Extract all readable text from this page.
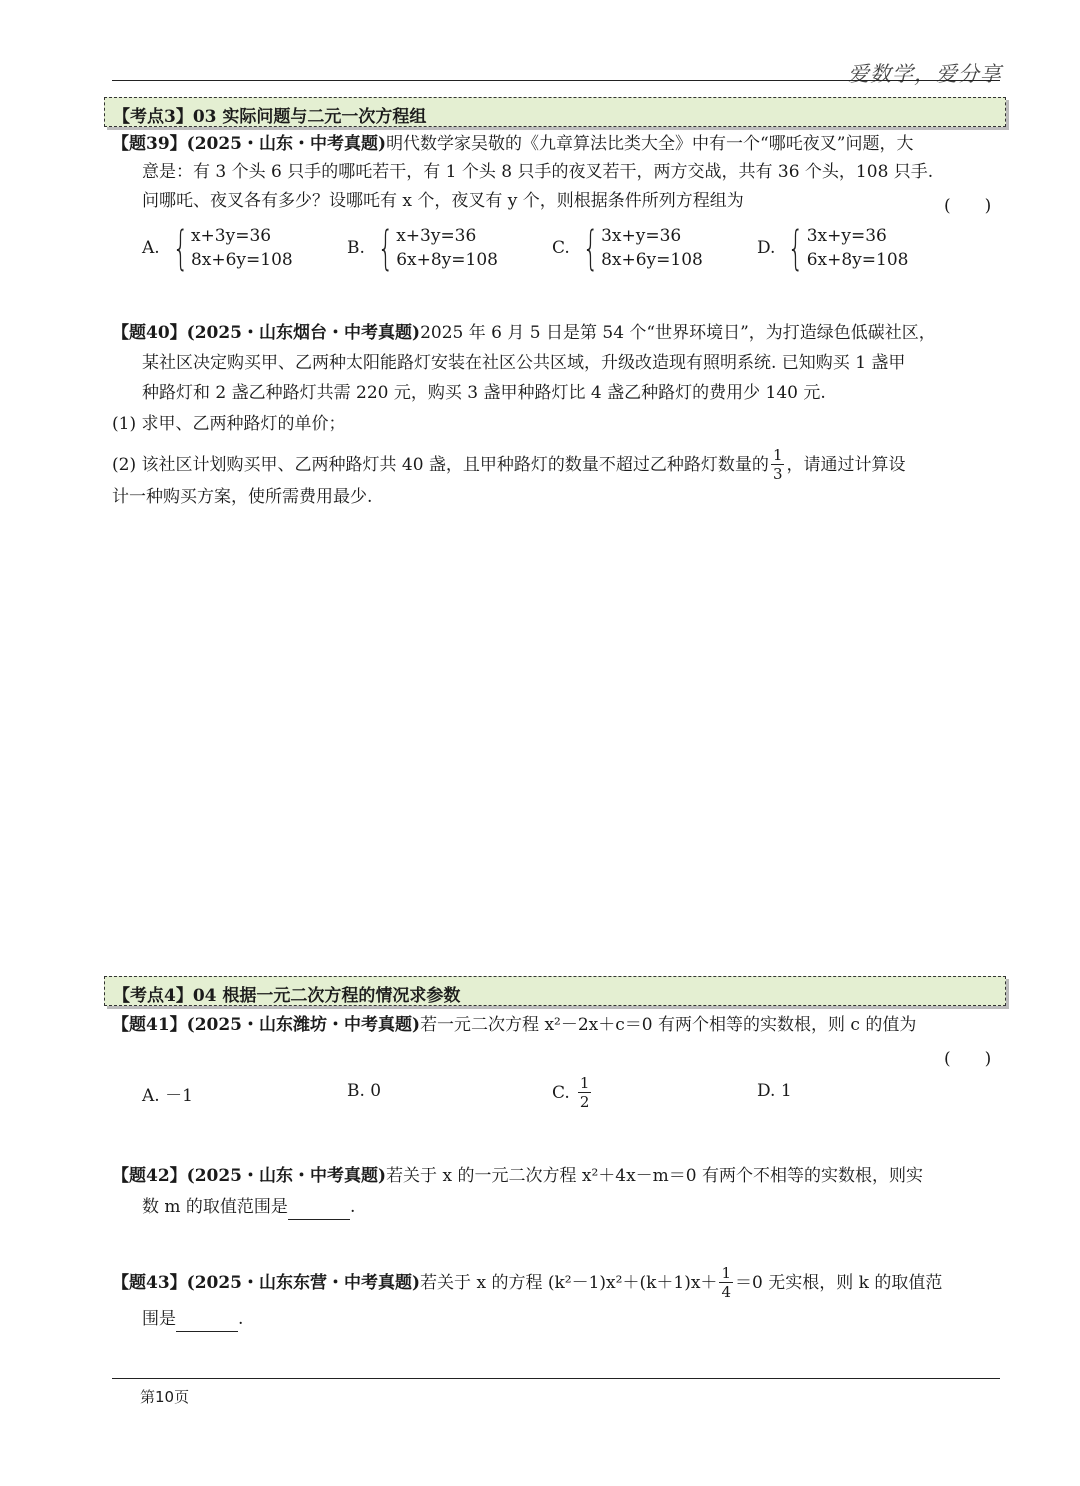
爱数学，爱分享
【考点3】03 实际问题与二元一次方程组
【题39】(2025・山东・中考真题)明代数学家吴敬的《九章算法比类大全》中有一个“哪吒夜叉”问题，大
意是：有 3 个头 6 只手的哪吒若干，有 1 个头 8 只手的夜叉若干，两方交战，共有 36 个头，108 只手.
问哪吒、夜叉各有多少？设哪吒有 x 个，夜叉有 y 个，则根据条件所列方程组为	(　　)
A. { x+3y=36
8x+6y=108
B. { x+3y=36
6x+8y=108
C. { 3x+y=36
8x+6y=108
D. { 3x+y=36
6x+8y=108
【题40】(2025・山东烟台・中考真题)2025 年 6 月 5 日是第 54 个“世界环境日”，为打造绿色低碳社区，
某社区决定购买甲、乙两种太阳能路灯安装在社区公共区域，升级改造现有照明系统. 已知购买 1 盏甲
种路灯和 2 盏乙种路灯共需 220 元，购买 3 盏甲种路灯比 4 盏乙种路灯的费用少 140 元.
(1) 求甲、乙两种路灯的单价；
(2) 该社区计划购买甲、乙两种路灯共 40 盏，且甲种路灯的数量不超过乙种路灯数量的 $\frac{1}{3}$ ，请通过计算设
计一种购买方案，使所需费用最少.
【考点4】04 根据一元二次方程的情况求参数
【题41】(2025・山东潍坊・中考真题)若一元二次方程 x²－2x＋c＝0 有两个相等的实数根，则 c 的值为
(　　)
A. －1	B. 0	C. $\frac{1}{2}$	D. 1
【题42】(2025・山东・中考真题)若关于 x 的一元二次方程 x²＋4x－m＝0 有两个不相等的实数根，则实
数 m 的取值范围是	.
【题43】(2025・山东东营・中考真题) 若关于 x 的方程 $(k^2-1)x^2+(k+1)x+ \frac{1}{4} =0$ 无实根，则 k 的取值范
围是	.
第10页
